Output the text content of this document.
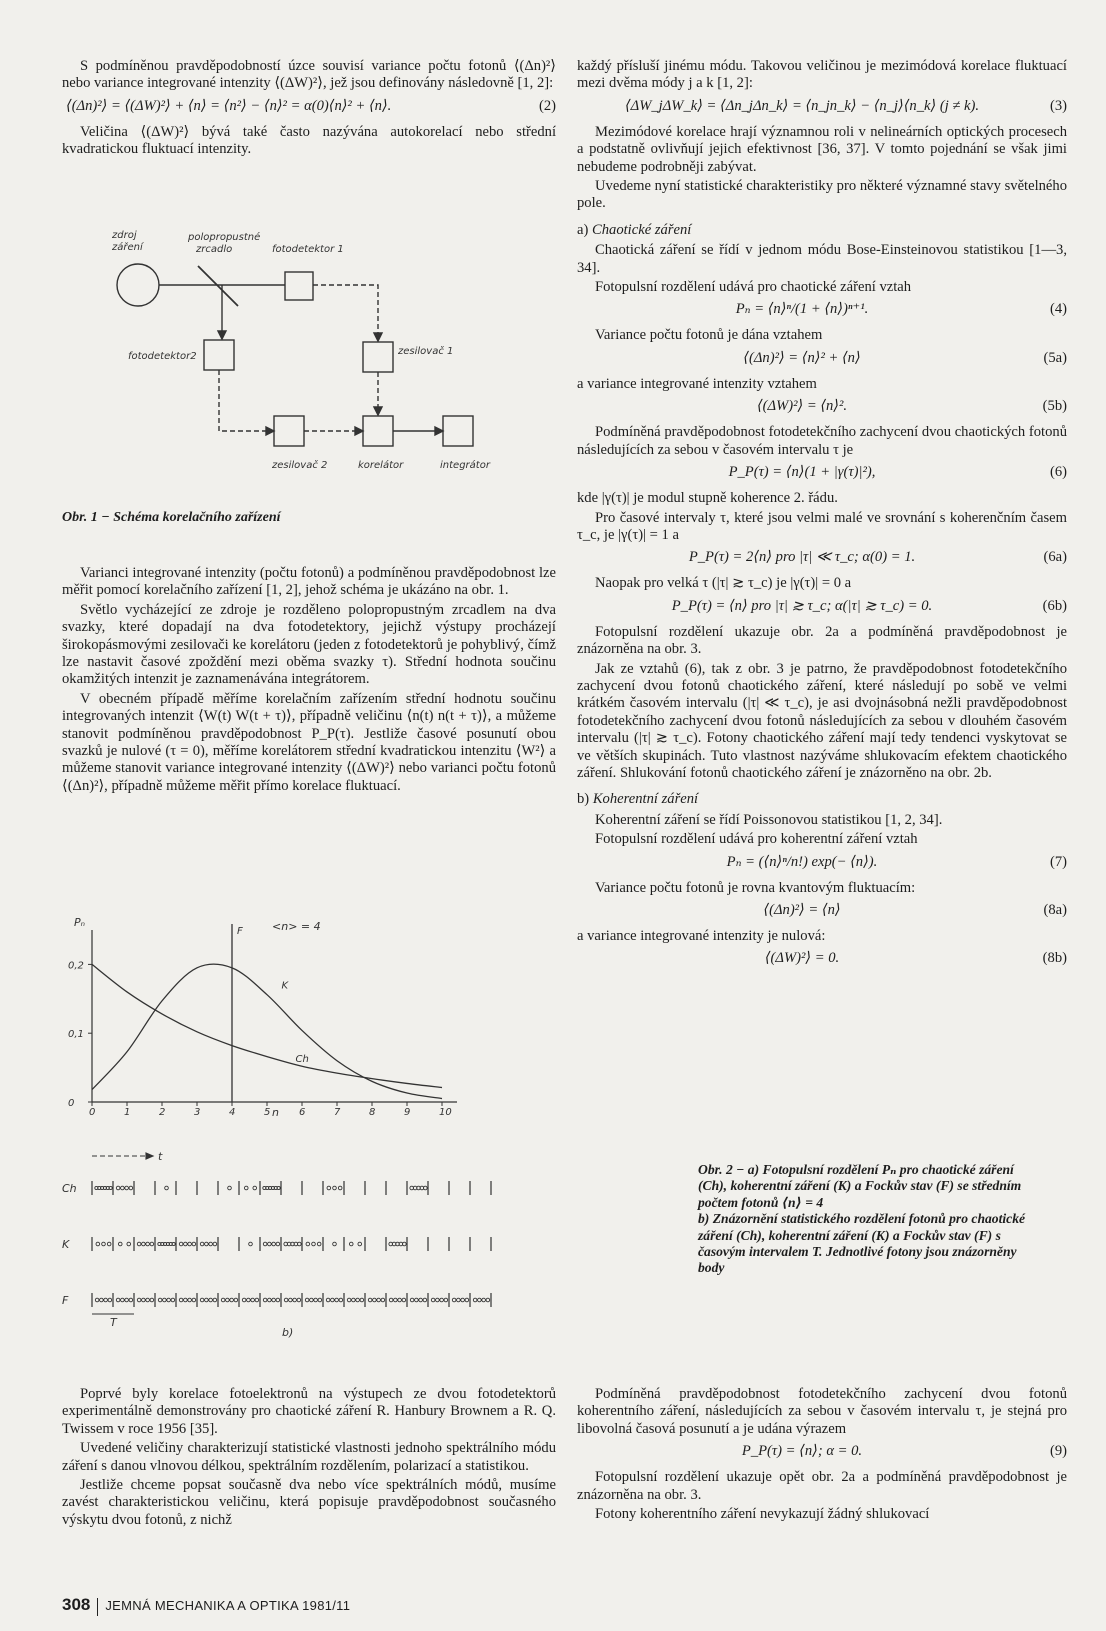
S podmíněnou pravděpodobností úzce souvisí variance počtu fotonů ⟨(Δn)²⟩ nebo variance integrované intenzity ⟨(ΔW)²⟩, jež jsou definovány následovně [1, 2]:

⟨(Δn)²⟩ = ⟨(ΔW)²⟩ + ⟨n⟩ = ⟨n²⟩ − ⟨n⟩² = α(0)⟨n⟩² + ⟨n⟩.	(2)

Veličina ⟨(ΔW)²⟩ bývá také často nazývána autokorelací nebo střední kvadratickou fluktuací intenzity.

zdroj
záření
polopropustné
zrcadlo	fotodetektor 1
fotodetektor2	zesilovač 1
zesilovač 2	korelátor	integrátor
Obr. 1 − Schéma korelačního zařízení

Varianci integrované intenzity (počtu fotonů) a podmíněnou pravděpodobnost lze měřit pomocí korelačního zařízení [1, 2], jehož schéma je ukázáno na obr. 1.

Světlo vycházející ze zdroje je rozděleno polopropustným zrcadlem na dva svazky, které dopadají na dva fotodetektory, jejichž výstupy procházejí širokopásmovými zesilovači ke korelátoru (jeden z fotodetektorů je pohyblivý, čímž lze nastavit časové zpoždění mezi oběma svazky τ). Střední hodnota součinu okamžitých intenzit je zaznamenávána integrátorem.

V obecném případě měříme korelačním zařízením střední hodnotu součinu integrovaných intenzit ⟨W(t) W(t + τ)⟩, případně veličinu ⟨n(t) n(t + τ)⟩, a můžeme stanovit podmíněnou pravděpodobnost P_P(τ). Jestliže časové posunutí obou svazků je nulové (τ = 0), měříme korelátorem střední kvadratickou intenzitu ⟨W²⟩ a můžeme stanovit variance integrované intenzity ⟨(ΔW)²⟩ nebo varianci počtu fotonů ⟨(Δn)²⟩, případně můžeme měřit přímo korelace fluktuací.

0	1	2	3	4	5	6	7	8	9	10
0
0,1
0,2
F
K
Ch
Pₙ
n
<n> = 4
t
Ch
K
F
T
b)

Poprvé byly korelace fotoelektronů na výstupech ze dvou fotodetektorů experimentálně demonstrovány pro chaotické záření R. Hanbury Brownem a R. Q. Twissem v roce 1956 [35].

Uvedené veličiny charakterizují statistické vlastnosti jednoho spektrálního módu záření s danou vlnovou délkou, spektrálním rozdělením, polarizací a statistikou.

Jestliže chceme popsat současně dva nebo více spektrálních módů, musíme zavést charakteristickou veličinu, která popisuje pravděpodobnost současného výskytu dvou fotonů, z nichž

každý přísluší jinému módu. Takovou veličinou je mezimódová korelace fluktuací mezi dvěma módy j a k [1, 2]:

⟨ΔW_jΔW_k⟩ = ⟨Δn_jΔn_k⟩ = ⟨n_jn_k⟩ − ⟨n_j⟩⟨n_k⟩ (j ≠ k).	(3)

Mezimódové korelace hrají významnou roli v nelineárních optických procesech a podstatně ovlivňují jejich efektivnost [36, 37]. V tomto pojednání se však jimi nebudeme podrobněji zabývat.

Uvedeme nyní statistické charakteristiky pro některé významné stavy světelného pole.

a) Chaotické záření

Chaotická záření se řídí v jednom módu Bose-Einsteinovou statistikou [1—3, 34].

Fotopulsní rozdělení udává pro chaotické záření vztah

Pₙ = ⟨n⟩ⁿ/(1 + ⟨n⟩)ⁿ⁺¹.	(4)

Variance počtu fotonů je dána vztahem

⟨(Δn)²⟩ = ⟨n⟩² + ⟨n⟩	(5a)

a variance integrované intenzity vztahem

⟨(ΔW)²⟩ = ⟨n⟩².	(5b)

Podmíněná pravděpodobnost fotodetekčního zachycení dvou chaotických fotonů následujících za sebou v časovém intervalu τ je

P_P(τ) = ⟨n⟩(1 + |γ(τ)|²),	(6)

kde |γ(τ)| je modul stupně koherence 2. řádu.

Pro časové intervaly τ, které jsou velmi malé ve srovnání s koherenčním časem τ_c, je |γ(τ)| = 1 a

P_P(τ) = 2⟨n⟩ pro |τ| ≪ τ_c; α(0) = 1.	(6a)

Naopak pro velká τ (|τ| ≳ τ_c) je |γ(τ)| = 0 a

P_P(τ) = ⟨n⟩ pro |τ| ≳ τ_c; α(|τ| ≳ τ_c) = 0.	(6b)

Fotopulsní rozdělení ukazuje obr. 2a a podmíněná pravděpodobnost je znázorněna na obr. 3.

Jak ze vztahů (6), tak z obr. 3 je patrno, že pravděpodobnost fotodetekčního zachycení dvou fotonů chaotického záření, které následují po sobě ve velmi krátkém časovém intervalu (|τ| ≪ τ_c), je asi dvojnásobná nežli pravděpodobnost fotodetekčního zachycení dvou fotonů následujících za sebou v dlouhém časovém intervalu (|τ| ≳ τ_c). Fotony chaotického záření mají tedy tendenci vyskytovat se ve větších skupinách. Tuto vlastnost nazýváme shlukovacím efektem chaotického záření. Shlukování fotonů chaotického záření je znázorněno na obr. 2b.

b) Koherentní záření

Koherentní záření se řídí Poissonovou statistikou [1, 2, 34].

Fotopulsní rozdělení udává pro koherentní záření vztah

Pₙ = (⟨n⟩ⁿ/n!) exp(− ⟨n⟩).	(7)

Variance počtu fotonů je rovna kvantovým fluktuacím:

⟨(Δn)²⟩ = ⟨n⟩	(8a)

a variance integrované intenzity je nulová:

⟨(ΔW)²⟩ = 0.	(8b)
Obr. 2 − a) Fotopulsní rozdělení Pₙ pro chaotické záření (Ch), koherentní záření (K) a Fockův stav (F) se středním počtem fotonů ⟨n⟩ = 4
b) Znázornění statistického rozdělení fotonů pro chaotické záření (Ch), koherentní záření (K) a Fockův stav (F) s časovým intervalem T. Jednotlivé fotony jsou znázorněny body

Podmíněná pravděpodobnost fotodetekčního zachycení dvou fotonů koherentního záření, následujících za sebou v časovém intervalu τ, je stejná pro libovolná časová posunutí a je udána výrazem

P_P(τ) = ⟨n⟩; α = 0.	(9)

Fotopulsní rozdělení ukazuje opět obr. 2a a podmíněná pravděpodobnost je znázorněna na obr. 3.

Fotony koherentního záření nevykazují žádný shlukovací

308 JEMNÁ MECHANIKA A OPTIKA 1981/11
